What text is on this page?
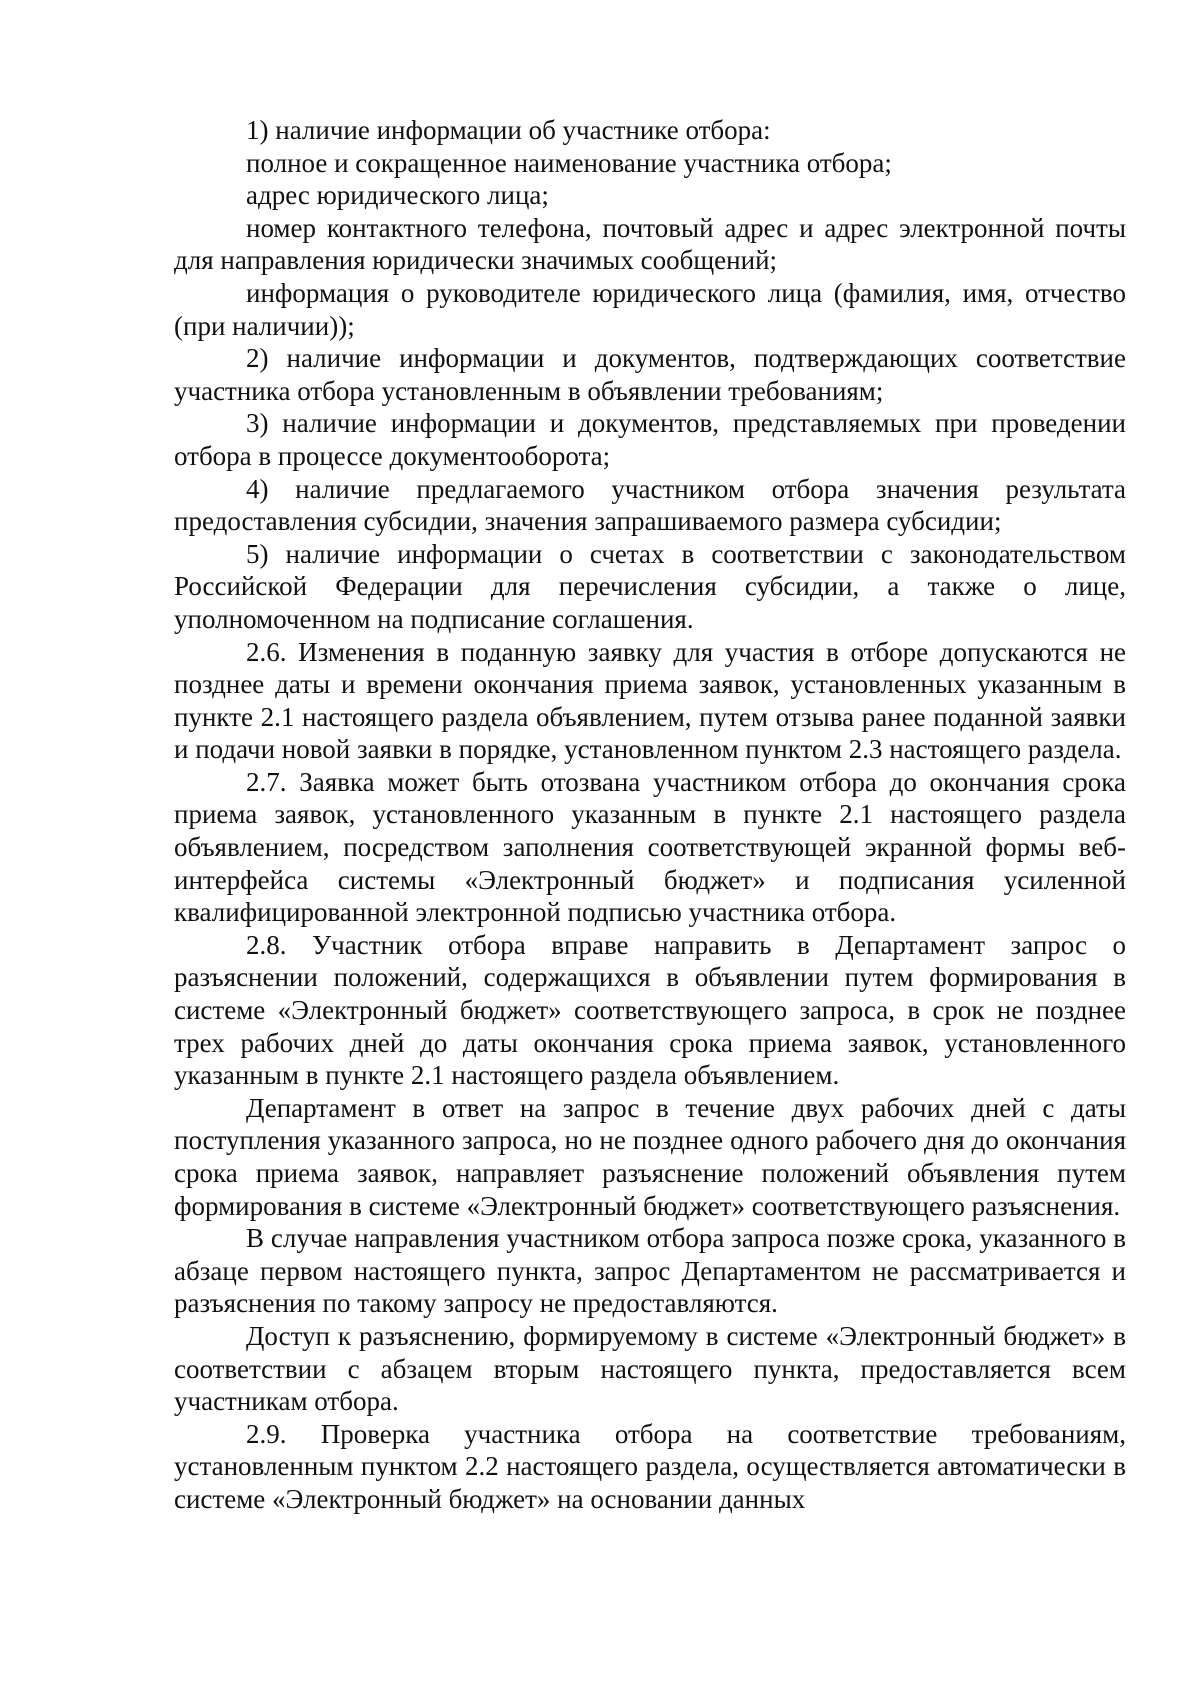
1) наличие информации об участнике отбора:

полное и сокращенное наименование участника отбора;

адрес юридического лица;

номер контактного телефона, почтовый адрес и адрес электронной почты для направления юридически значимых сообщений;

информация о руководителе юридического лица (фамилия, имя, отчество (при наличии));

2) наличие информации и документов, подтверждающих соответствие участника отбора установленным в объявлении требованиям;

3) наличие информации и документов, представляемых при проведении отбора в процессе документооборота;

4) наличие предлагаемого участником отбора значения результата предоставления субсидии, значения запрашиваемого размера субсидии;

5) наличие информации о счетах в соответствии с законодательством Российской Федерации для перечисления субсидии, а также о лице, уполномоченном на подписание соглашения.

2.6. Изменения в поданную заявку для участия в отборе допускаются не позднее даты и времени окончания приема заявок, установленных указанным в пункте 2.1 настоящего раздела объявлением, путем отзыва ранее поданной заявки и подачи новой заявки в порядке, установленном пунктом 2.3 настоящего раздела.

2.7. Заявка может быть отозвана участником отбора до окончания срока приема заявок, установленного указанным в пункте 2.1 настоящего раздела объявлением, посредством заполнения соответствующей экранной формы веб-интерфейса системы «Электронный бюджет» и подписания усиленной квалифицированной электронной подписью участника отбора.

2.8. Участник отбора вправе направить в Департамент запрос о разъяснении положений, содержащихся в объявлении путем формирования в системе «Электронный бюджет» соответствующего запроса, в срок не позднее трех рабочих дней до даты окончания срока приема заявок, установленного указанным в пункте 2.1 настоящего раздела объявлением.

Департамент в ответ на запрос в течение двух рабочих дней с даты поступления указанного запроса, но не позднее одного рабочего дня до окончания срока приема заявок, направляет разъяснение положений объявления путем формирования в системе «Электронный бюджет» соответствующего разъяснения.

В случае направления участником отбора запроса позже срока, указанного в абзаце первом настоящего пункта, запрос Департаментом не рассматривается и разъяснения по такому запросу не предоставляются.

Доступ к разъяснению, формируемому в системе «Электронный бюджет» в соответствии с абзацем вторым настоящего пункта, предоставляется всем участникам отбора.

2.9. Проверка участника отбора на соответствие требованиям, установленным пунктом 2.2 настоящего раздела, осуществляется автоматически в системе «Электронный бюджет» на основании данных
